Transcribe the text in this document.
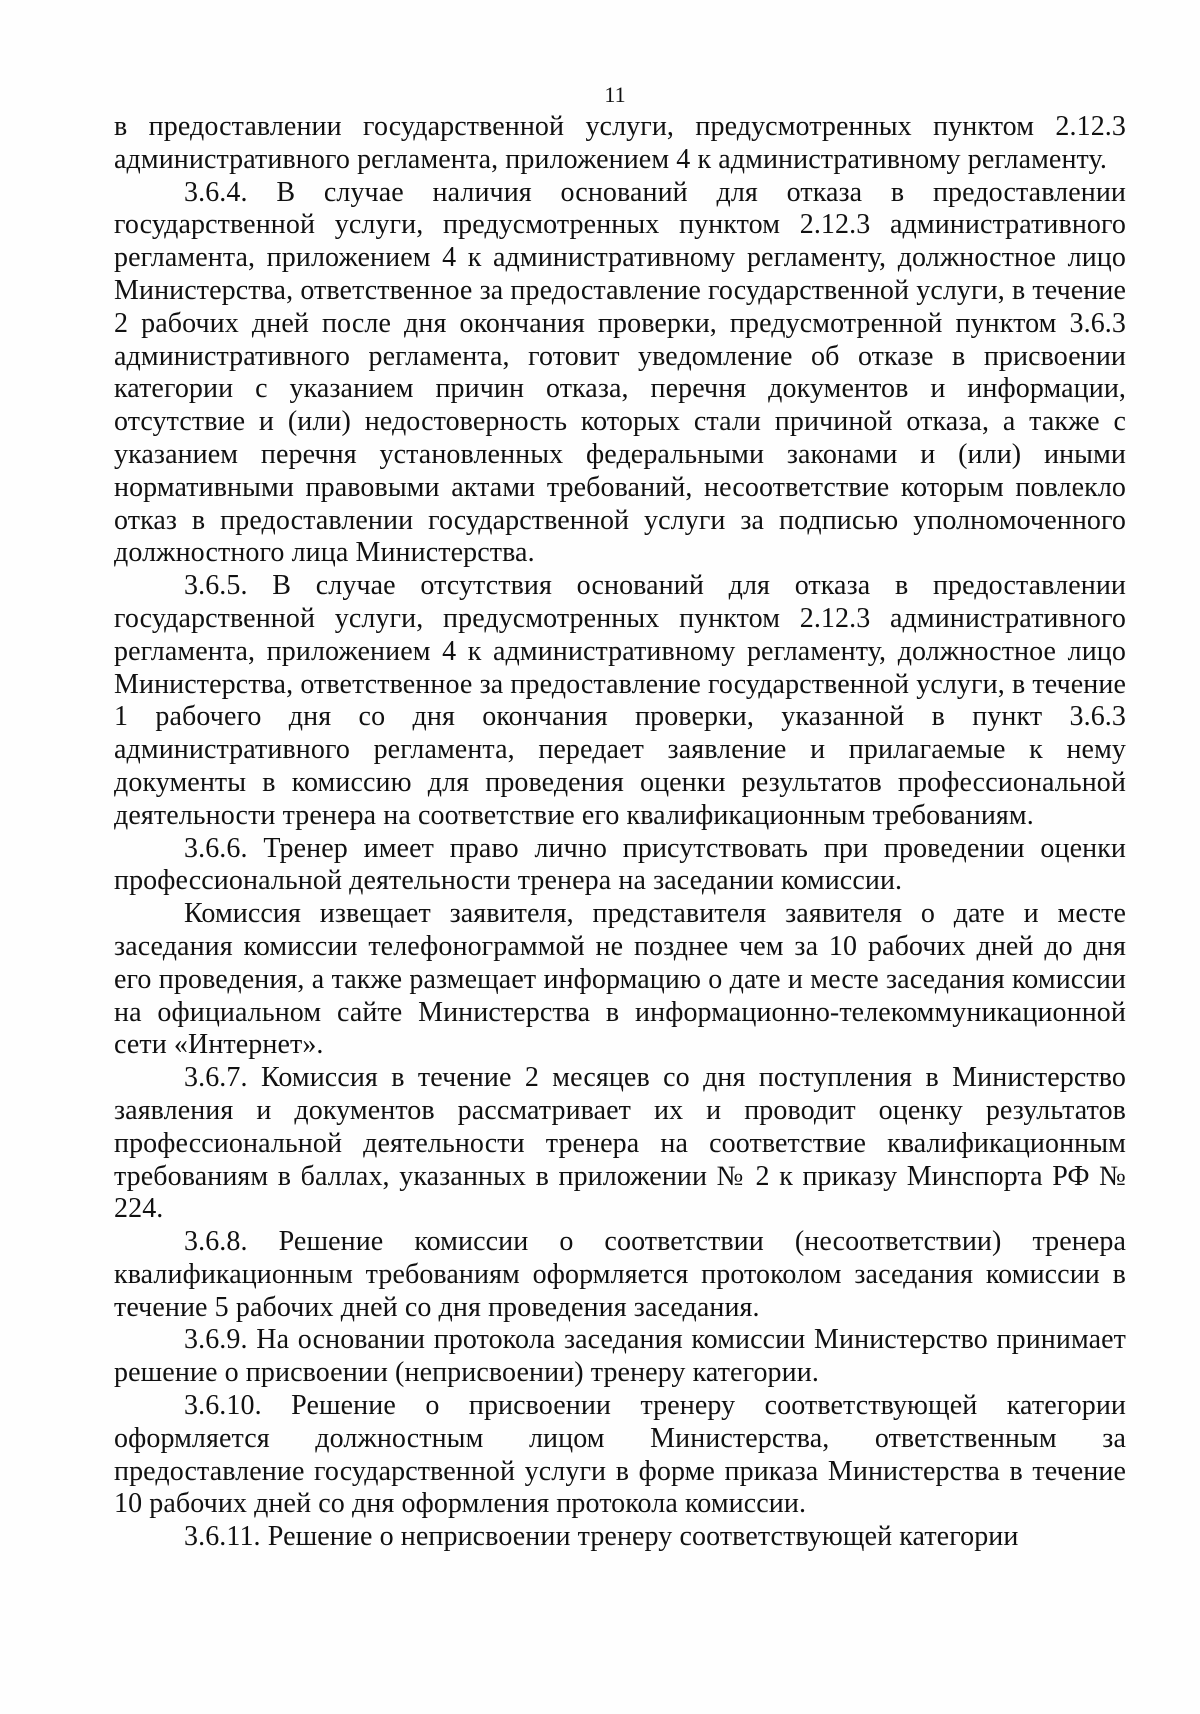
11

в предоставлении государственной услуги, предусмотренных пунктом 2.12.3 административного регламента, приложением 4 к административному регламенту.

3.6.4. В случае наличия оснований для отказа в предоставлении государственной услуги, предусмотренных пунктом 2.12.3 административного регламента, приложением 4 к административному регламенту, должностное лицо Министерства, ответственное за предоставление государственной услуги, в течение 2 рабочих дней после дня окончания проверки, предусмотренной пунктом 3.6.3 административного регламента, готовит уведомление об отказе в присвоении категории с указанием причин отказа, перечня документов и информации, отсутствие и (или) недостоверность которых стали причиной отказа, а также с указанием перечня установленных федеральными законами и (или) иными нормативными правовыми актами требований, несоответствие которым повлекло отказ в предоставлении государственной услуги за подписью уполномоченного должностного лица Министерства.

3.6.5. В случае отсутствия оснований для отказа в предоставлении государственной услуги, предусмотренных пунктом 2.12.3 административного регламента, приложением 4 к административному регламенту, должностное лицо Министерства, ответственное за предоставление государственной услуги, в течение 1 рабочего дня со дня окончания проверки, указанной в пункт 3.6.3 административного регламента, передает заявление и прилагаемые к нему документы в комиссию для проведения оценки результатов профессиональной деятельности тренера на соответствие его квалификационным требованиям.

3.6.6. Тренер имеет право лично присутствовать при проведении оценки профессиональной деятельности тренера на заседании комиссии.

Комиссия извещает заявителя, представителя заявителя о дате и месте заседания комиссии телефонограммой не позднее чем за 10 рабочих дней до дня его проведения, а также размещает информацию о дате и месте заседания комиссии на официальном сайте Министерства в информационно-телекоммуникационной сети «Интернет».

3.6.7. Комиссия в течение 2 месяцев со дня поступления в Министерство заявления и документов рассматривает их и проводит оценку результатов профессиональной деятельности тренера на соответствие квалификационным требованиям в баллах, указанных в приложении № 2 к приказу Минспорта РФ № 224.

3.6.8. Решение комиссии о соответствии (несоответствии) тренера квалификационным требованиям оформляется протоколом заседания комиссии в течение 5 рабочих дней со дня проведения заседания.

3.6.9. На основании протокола заседания комиссии Министерство принимает решение о присвоении (неприсвоении) тренеру категории.

3.6.10. Решение о присвоении тренеру соответствующей категории оформляется должностным лицом Министерства, ответственным за предоставление государственной услуги в форме приказа Министерства в течение 10 рабочих дней со дня оформления протокола комиссии.

3.6.11. Решение о неприсвоении тренеру соответствующей категории
